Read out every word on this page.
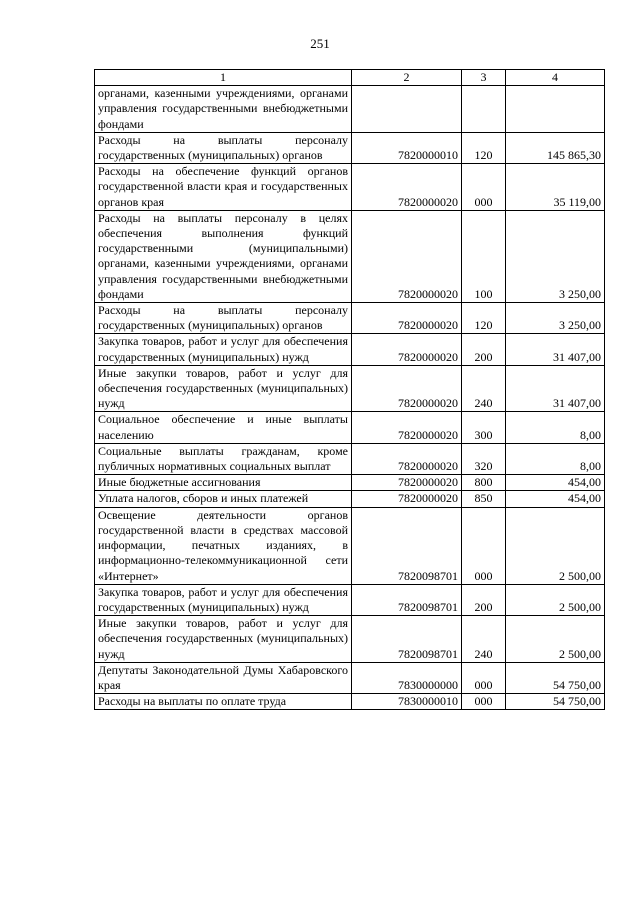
251
1	2	3	4
органами, казенными учреждениями, органами управления государственными внебюджетными фондами			
Расходы на выплаты персоналу государственных (муниципальных) органов	7820000010	120	145 865,30
Расходы на обеспечение функций органов государственной власти края и государственных органов края	7820000020	000	35 119,00
Расходы на выплаты персоналу в целях обеспечения выполнения функций государственными (муниципальными) органами, казенными учреждениями, органами управления государственными внебюджетными фондами	7820000020	100	3 250,00
Расходы на выплаты персоналу государственных (муниципальных) органов	7820000020	120	3 250,00
Закупка товаров, работ и услуг для обеспечения государственных (муниципальных) нужд	7820000020	200	31 407,00
Иные закупки товаров, работ и услуг для обеспечения государственных (муниципальных) нужд	7820000020	240	31 407,00
Социальное обеспечение и иные выплаты населению	7820000020	300	8,00
Социальные выплаты гражданам, кроме публичных нормативных социальных выплат	7820000020	320	8,00
Иные бюджетные ассигнования	7820000020	800	454,00
Уплата налогов, сборов и иных платежей	7820000020	850	454,00
Освещение деятельности органов государственной власти в средствах массовой информации, печатных изданиях, в информационно-телекоммуникационной сети «Интернет»	7820098701	000	2 500,00
Закупка товаров, работ и услуг для обеспечения государственных (муниципальных) нужд	7820098701	200	2 500,00
Иные закупки товаров, работ и услуг для обеспечения государственных (муниципальных) нужд	7820098701	240	2 500,00
Депутаты Законодательной Думы Хабаровского края	7830000000	000	54 750,00
Расходы на выплаты по оплате труда	7830000010	000	54 750,00
